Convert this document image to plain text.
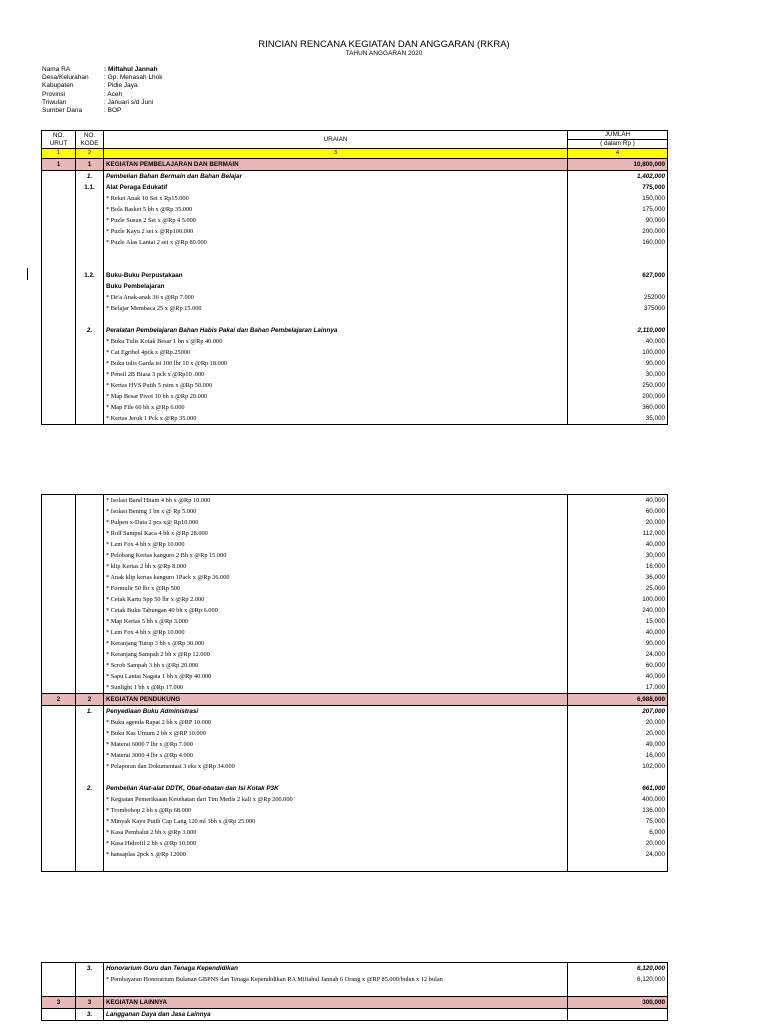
RINCIAN RENCANA KEGIATAN DAN ANGGARAN (RKRA)
TAHUN ANGGARAN 2020
Nama RA	: Miftahul Jannah
Desa/Kelurahan	: Gp. Menasah Lhok
Kabupaten	: Pidie Jaya
Provinsi	: Aceh
Triwulan	: Januari s/d Juni
Sumber Dana	: BOP
NO. URUT	NO. KODE	URAIAN	JUMLAH
			( dalam Rp )
1	2	3	4
1	1	KEGIATAN PEMBELAJARAN DAN BERMAIN	10,800,000
	1.	Pembelian Bahan Bermain dan Bahan Belajar	1,402,000
	1.1.	Alat Peraga Edukatif	775,000
		* Reket Anak 10 Set x Rp15.000	150,000
		* Bola Basket 5 bh x @Rp 35.000	175,000
		* Puzle Susun 2 Set x @Rp 4 5.000	90,000
		* Puzle Kayu 2 set x @Rp100.000	200,000
		* Puzle Alas Lantai 2 set x @Rp 80.000	160,000

	1.2.	Buku-Buku Perpustakaan	627,000
		Buku Pembelajaran	
		* De'a Anak-anak 36 x @Rp 7.000	252000
		* Belajar Membaca 25 x @Rp 15.000	375000

	2.	Peralatan Pembelajaran Bahan Habis Pakai dan Bahan Pembelajaran Lainnya	2,110,000
		* Buku Tulis Kotak Besar 1 bn x @Rp 40.000	40,000
		* Cat Egribel 4pck x @Rp.25000	100,000
		* Buku tulis Garda isi 100 lbr 10 x @Rp 18.000	90,000
		* Pensil 2B Biasa 3 pck x @Rp10 .000	30,000
		* Kertas HVS Putih 5 rsim x @Rp 50.000	250,000
		* Map Besar Pivot 10 bh x @Rp 20.000	200,000
		* Map File 60 bh x @Rp 6.000	360,000
		* Kertas Jeruk 1 Pck x @Rp 35.000	35,000
		* Isolasi Band Hitam 4 bh x @Rp 10.000	40,000
		* Isolasi Bening 1 bn x @ Rp 5.000	60,000
		* Pulpen x-Data 2 pcs x@ Rp10.000	20,000
		* Roll Sampul Kaca 4 bh x @Rp 28.000	112,000
		* Lem Fox 4 bh x @Rp 10.000	40,000
		* Pelobang Kertas kanguro 2 Bh x @Rp 15.000	30,000
		* klip Kertas 2 bh x @Rp 8.000	16,000
		* Anak klip kertas kanguro 1Pack x @Rp 36.000	36,000
		* Formulir 50 lbr x @Rp 500	25,000
		* Cetak Kartu Spp 50 lbr x @Rp 2.000	100,000
		* Cetak Buku Tabungan 40 bh x @Rp 6.000	240,000
		* Map Kertas 5 bh x @Rp 3.000	15,000
		* Lem Fox 4 bh x @Rp 10.000	40,000
		* Keranjang Tutup 3 bh x @Rp 30.000	90,000
		* Keranjang Sampah 2 bh x @Rp 12.000	24,000
		* Scrob Sampah 3 bh x @Rp 20.000	60,000
		* Sapu Lantai Nagata 1 bh x @Rp 40.000	40,000
		* Sunlight 1 bh x @Rp 17.000	17,000
2	2	KEGIATAN PENDUKUNG	6,988,000
	1.	Penyediaan Buku Administrasi	207,000
		* Buku agenda Rapat 2 bh x @RP 10.000	20,000
		* Buku Kas Umum 2 bh x @RP 10.000	20,000
		* Materai 6000 7 lbr x @Rp 7.000	49,000
		* Materai 3000 4 lbr x @Rp 4.000	16,000
		* Pelaporan dan Dokumentasi 3 eks x @Rp 34.000	102,000

	2.	Pembelian Alat-alat DDTK, Obat-obatan dan Isi Kotak P3K	661,000
		* Kegiatan Pemeriksaan Kesehatan dari Tim Medis 2 kali x @Rp 200.000	400,000
		* Trombohop 2 bh x @Rp 68.000	136,000
		* Minyak Kayu Putih Cap Lang 120 ml 3bh x @Rp 25.000	75,000
		* Kasa Pembalut 2 bh x @Rp 3.000	6,000
		* Kasa Hidrofil 2 bh x @Rp 10.000	20,000
		* hansaplas 2pck x @Rp 12000	24,000

	3.	Honorarium Guru dan Tenaga Kependidikan	6,120,000
		* Pembayaran Honorarium Bulanan GBPNS dan Tenaga Kependidikan RA Miftahul Jannah 6 Orang x @RP 85.000/bulan x 12 bulan	6,120,000

3	3	KEGIATAN LAINNYA	300,000
	3.	Langganan Daya dan Jasa Lainnya	
